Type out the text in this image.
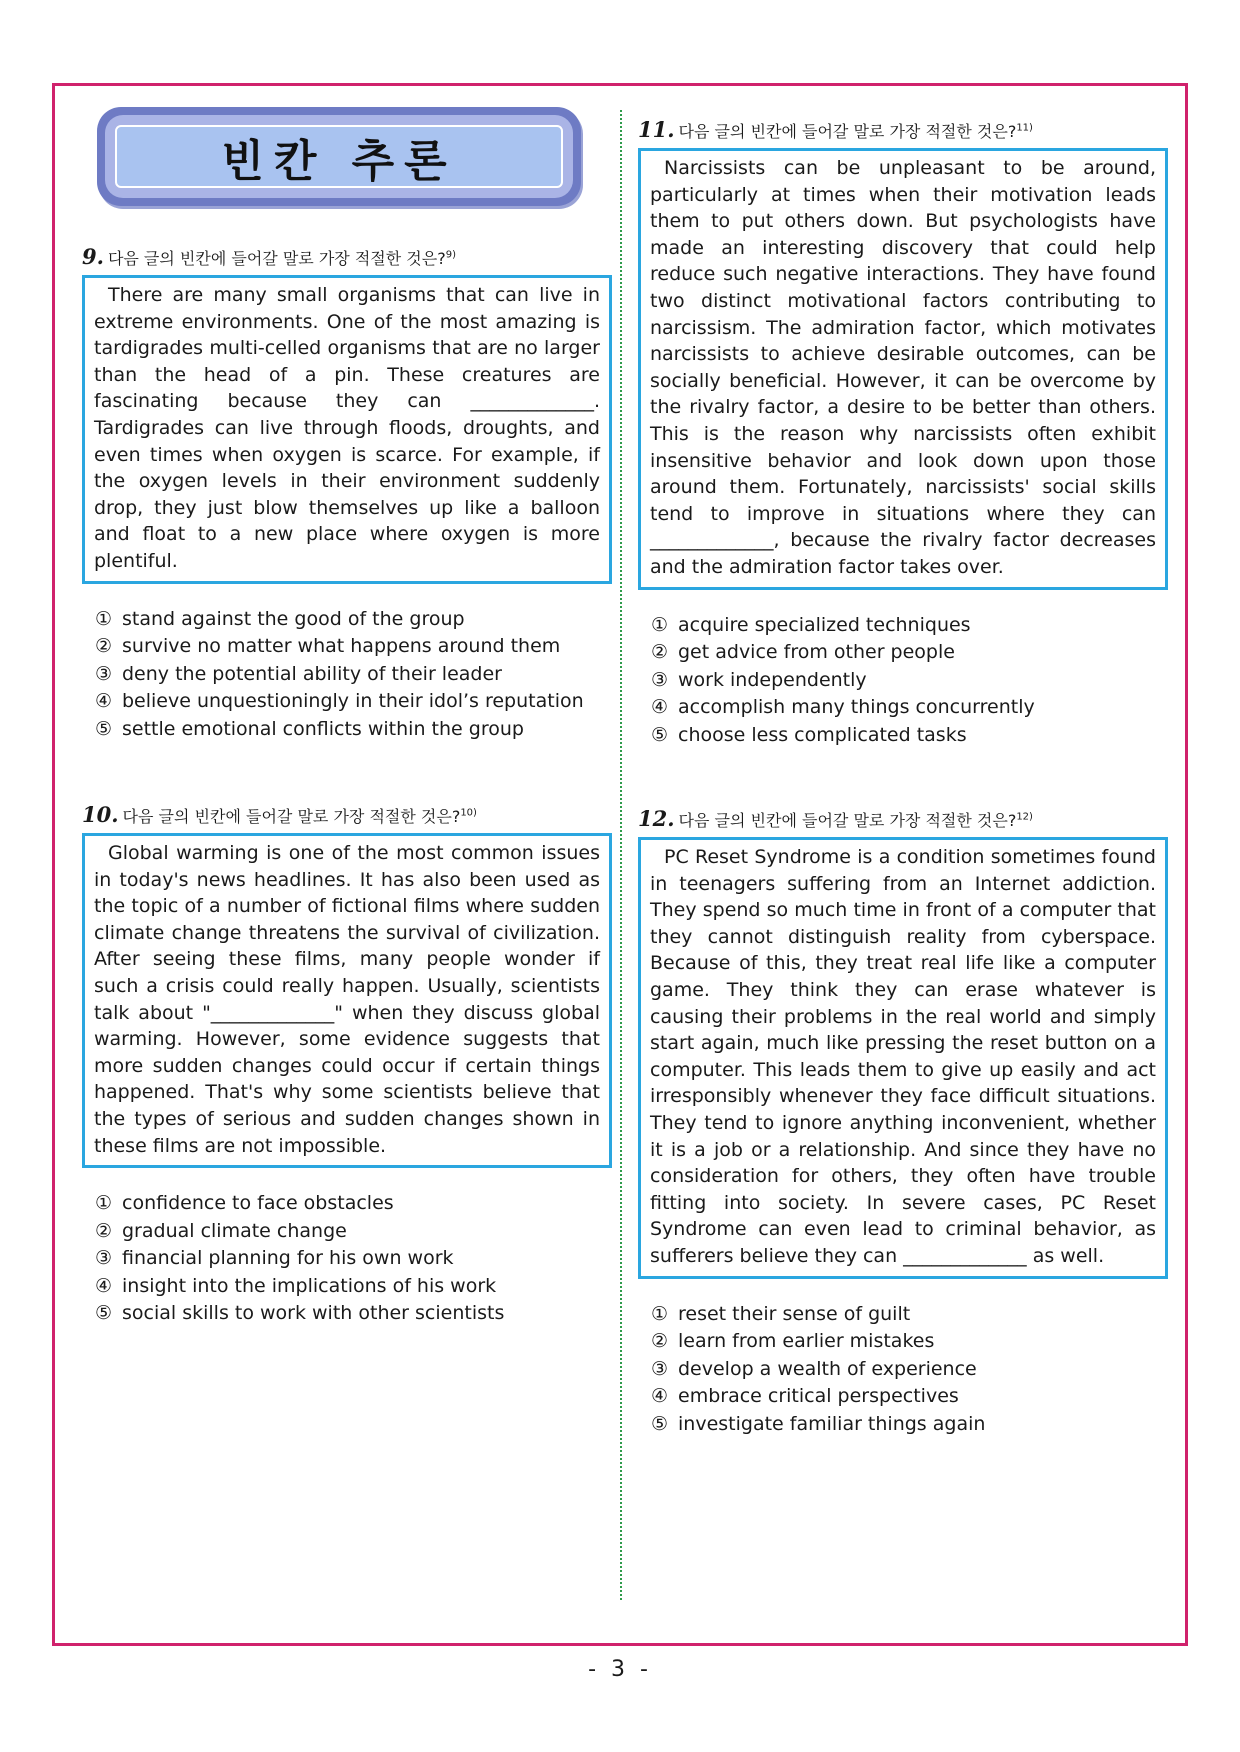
빈칸 추론
9. 다음 글의 빈칸에 들어갈 말로 가장 적절한 것은?$^{9)}$
There are many small organisms that can live in extreme environments. One of the most amazing is tardigrades multi-celled organisms that are no larger than the head of a pin. These creatures are fascinating because they can _____________. Tardigrades can live through floods, droughts, and even times when oxygen is scarce. For example, if the oxygen levels in their environment suddenly drop, they just blow themselves up like a balloon and float to a new place where oxygen is more plentiful.
① stand against the good of the group
② survive no matter what happens around them
③ deny the potential ability of their leader
④ believe unquestioningly in their idol’s reputation
⑤ settle emotional conflicts within the group
10. 다음 글의 빈칸에 들어갈 말로 가장 적절한 것은?$^{10)}$
Global warming is one of the most common issues in today's news headlines. It has also been used as the topic of a number of fictional films where sudden climate change threatens the survival of civilization. After seeing these films, many people wonder if such a crisis could really happen. Usually, scientists talk about "_____________" when they discuss global warming. However, some evidence suggests that more sudden changes could occur if certain things happened. That's why some scientists believe that the types of serious and sudden changes shown in these films are not impossible.
① confidence to face obstacles
② gradual climate change
③ financial planning for his own work
④ insight into the implications of his work
⑤ social skills to work with other scientists
11. 다음 글의 빈칸에 들어갈 말로 가장 적절한 것은?$^{11)}$
Narcissists can be unpleasant to be around, particularly at times when their motivation leads them to put others down. But psychologists have made an interesting discovery that could help reduce such negative interactions. They have found two distinct motivational factors contributing to narcissism. The admiration factor, which motivates narcissists to achieve desirable outcomes, can be socially beneficial. However, it can be overcome by the rivalry factor, a desire to be better than others. This is the reason why narcissists often exhibit insensitive behavior and look down upon those around them. Fortunately, narcissists' social skills tend to improve in situations where they can _____________, because the rivalry factor decreases and the admiration factor takes over.
① acquire specialized techniques
② get advice from other people
③ work independently
④ accomplish many things concurrently
⑤ choose less complicated tasks
12. 다음 글의 빈칸에 들어갈 말로 가장 적절한 것은?$^{12)}$
PC Reset Syndrome is a condition sometimes found in teenagers suffering from an Internet addiction. They spend so much time in front of a computer that they cannot distinguish reality from cyberspace. Because of this, they treat real life like a computer game. They think they can erase whatever is causing their problems in the real world and simply start again, much like pressing the reset button on a computer. This leads them to give up easily and act irresponsibly whenever they face difficult situations. They tend to ignore anything inconvenient, whether it is a job or a relationship. And since they have no consideration for others, they often have trouble fitting into society. In severe cases, PC Reset Syndrome can even lead to criminal behavior, as sufferers believe they can _____________ as well.
① reset their sense of guilt
② learn from earlier mistakes
③ develop a wealth of experience
④ embrace critical perspectives
⑤ investigate familiar things again
- 3 -
